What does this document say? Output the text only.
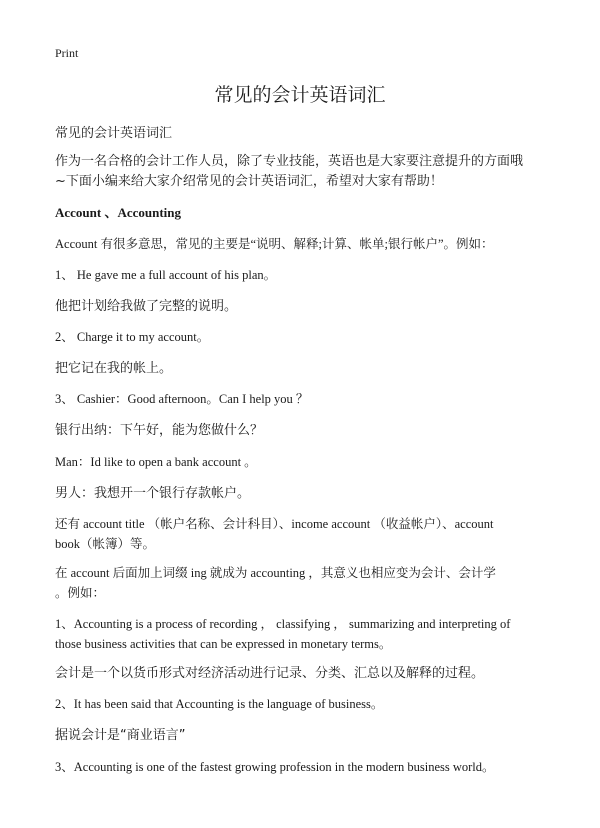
Print
常见的会计英语词汇
常见的会计英语词汇
作为一名合格的会计工作人员，除了专业技能，英语也是大家要注意提升的方面哦
~下面小编来给大家介绍常见的会计英语词汇，希望对大家有帮助！
Account 、Accounting
Account 有很多意思，常见的主要是“说明、解释;计算、帐单;银行帐户”。例如：
1、 He gave me a full account of his plan。
他把计划给我做了完整的说明。
2、 Charge it to my account。
把它记在我的帐上。
3、 Cashier：Good afternoon。Can I help you ？
银行出纳：下午好，能为您做什么？
Man：Id like to open a bank account 。
男人：我想开一个银行存款帐户。
还有 account title （帐户名称、会计科目）、income account （收益帐户）、account
book（帐簿）等。
在 account 后面加上词缀 ing 就成为 accounting ，其意义也相应变为会计、会计学
。例如：
1、Accounting is a process of recording ， classifying ， summarizing and interpreting of
those business activities that can be expressed in monetary terms。
会计是一个以货币形式对经济活动进行记录、分类、汇总以及解释的过程。
2、It has been said that Accounting is the language of business。
据说会计是“商业语言”
3、Accounting is one of the fastest growing profession in the modern business world。
